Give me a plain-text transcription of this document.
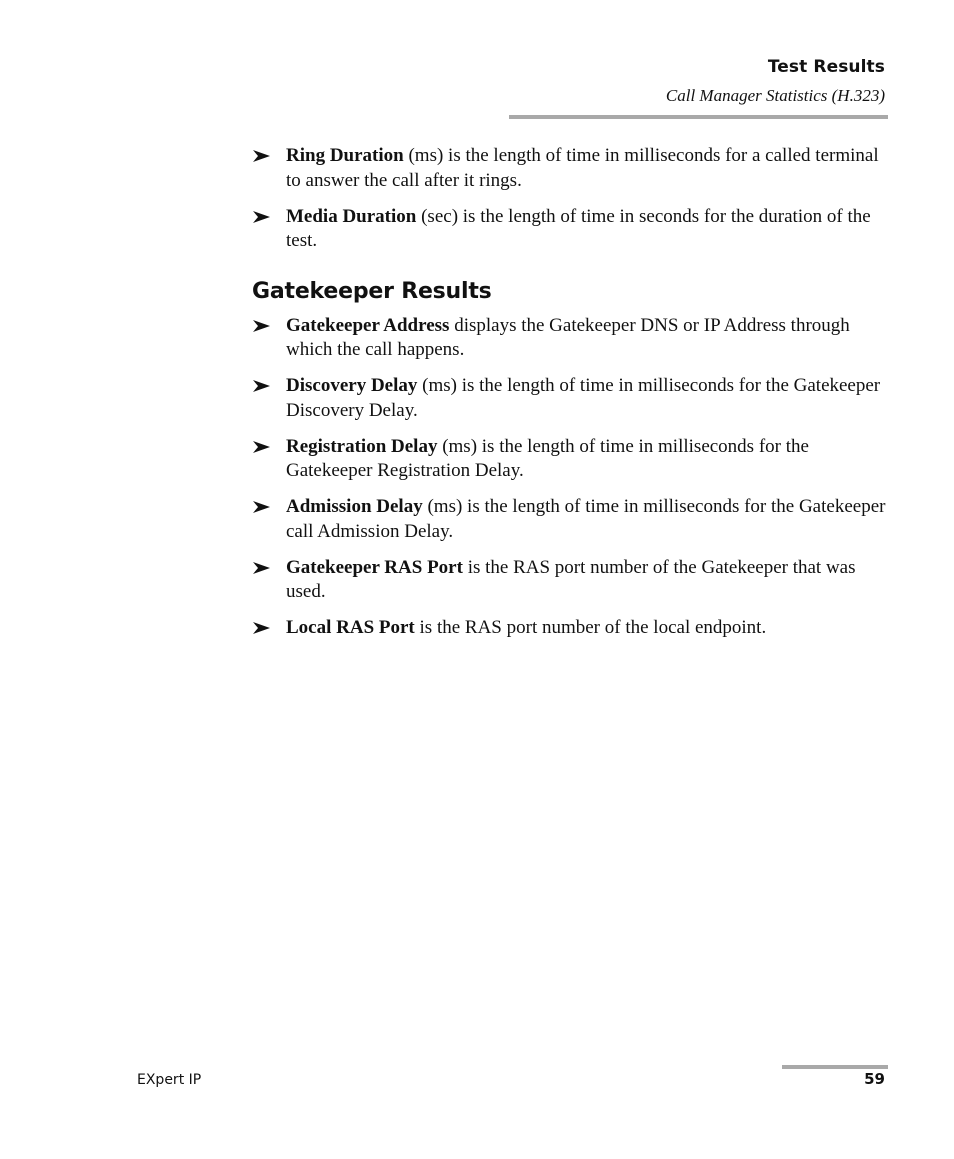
Test Results
Call Manager Statistics (H.323)
Ring Duration (ms) is the length of time in milliseconds for a called terminal to answer the call after it rings.
Media Duration (sec) is the length of time in seconds for the duration of the test.
Gatekeeper Results
Gatekeeper Address displays the Gatekeeper DNS or IP Address through which the call happens.
Discovery Delay (ms) is the length of time in milliseconds for the Gatekeeper Discovery Delay.
Registration Delay (ms) is the length of time in milliseconds for the Gatekeeper Registration Delay.
Admission Delay (ms) is the length of time in milliseconds for the Gatekeeper call Admission Delay.
Gatekeeper RAS Port is the RAS port number of the Gatekeeper that was used.
Local RAS Port is the RAS port number of the local endpoint.
EXpert IP	59
